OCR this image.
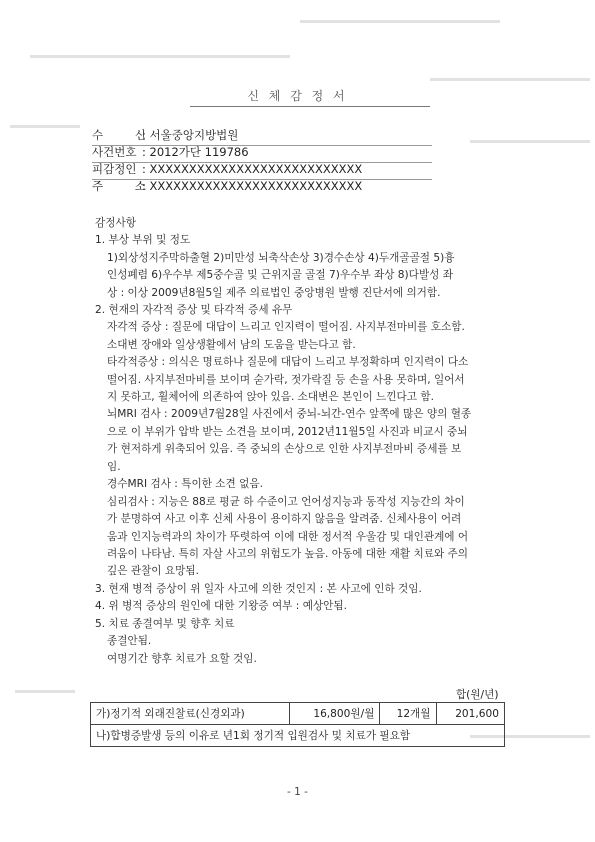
신 체 감 정 서
수 신: 서울중앙지방법원
사건번호 : 2012가단 119786
피감정인 : XXXXXXXXXXXXXXXXXXXXXXXXXXX
주 소: XXXXXXXXXXXXXXXXXXXXXXXXXXX
감정사항
1. 부상 부위 및 정도
1)외상성지주막하출혈 2)미만성 뇌축삭손상 3)경수손상 4)두개골골절 5)흉
인성폐렴 6)우수부 제5중수골 및 근위지골 골절 7)우수부 좌상 8)다발성 좌
상 : 이상 2009년8월5일 제주 의료법인 중앙병원 발행 진단서에 의거함.
2. 현재의 자각적 증상 및 타각적 증세 유무
자각적 증상 : 질문에 대답이 느리고 인지력이 떨어짐. 사지부전마비를 호소함.
소대변 장애와 일상생활에서 남의 도움을 받는다고 함.
타각적증상 : 의식은 명료하나 질문에 대답이 느리고 부정확하며 인지력이 다소
떨어짐. 사지부전마비를 보이며 숟가락, 젓가락질 등 손을 사용 못하며, 일어서
지 못하고, 휠체어에 의존하여 앉아 있음. 소대변은 본인이 느낀다고 함.
뇌MRI 검사 : 2009년7월28일 사진에서 중뇌-뇌간-연수 앞쪽에 많은 양의 혈종
으로 이 부위가 압박 받는 소견을 보이며, 2012년11월5일 사진과 비교시 중뇌
가 현저하게 위축되어 있음. 즉 중뇌의 손상으로 인한 사지부전마비 증세를 보
임.
경수MRI 검사 : 특이한 소견 없음.
심리검사 : 지능은 88로 평균 하 수준이고 언어성지능과 동작성 지능간의 차이
가 분명하여 사고 이후 신체 사용이 용이하지 않음을 알려줌. 신체사용이 어려
움과 인지능력과의 차이가 뚜렷하여 이에 대한 정서적 우울감 및 대인관계에 어
려움이 나타남. 특히 자살 사고의 위험도가 높음. 아동에 대한 재활 치료와 주의
깊은 관찰이 요망됨.
3. 현재 병적 증상이 위 일자 사고에 의한 것인지 : 본 사고에 인하 것임.
4. 위 병적 증상의 원인에 대한 기왕증 여부 : 예상안됨.
5. 치료 종결여부 및 향후 치료
종결안됨.
여명기간 향후 치료가 요할 것임.
합(원/년)
가)정기적 외래진찰료(신경외과)	16,800원/월	12개월	201,600
나)합병증발생 등의 이유로 년1회 정기적 입원검사 및 치료가 필요함
- 1 -
